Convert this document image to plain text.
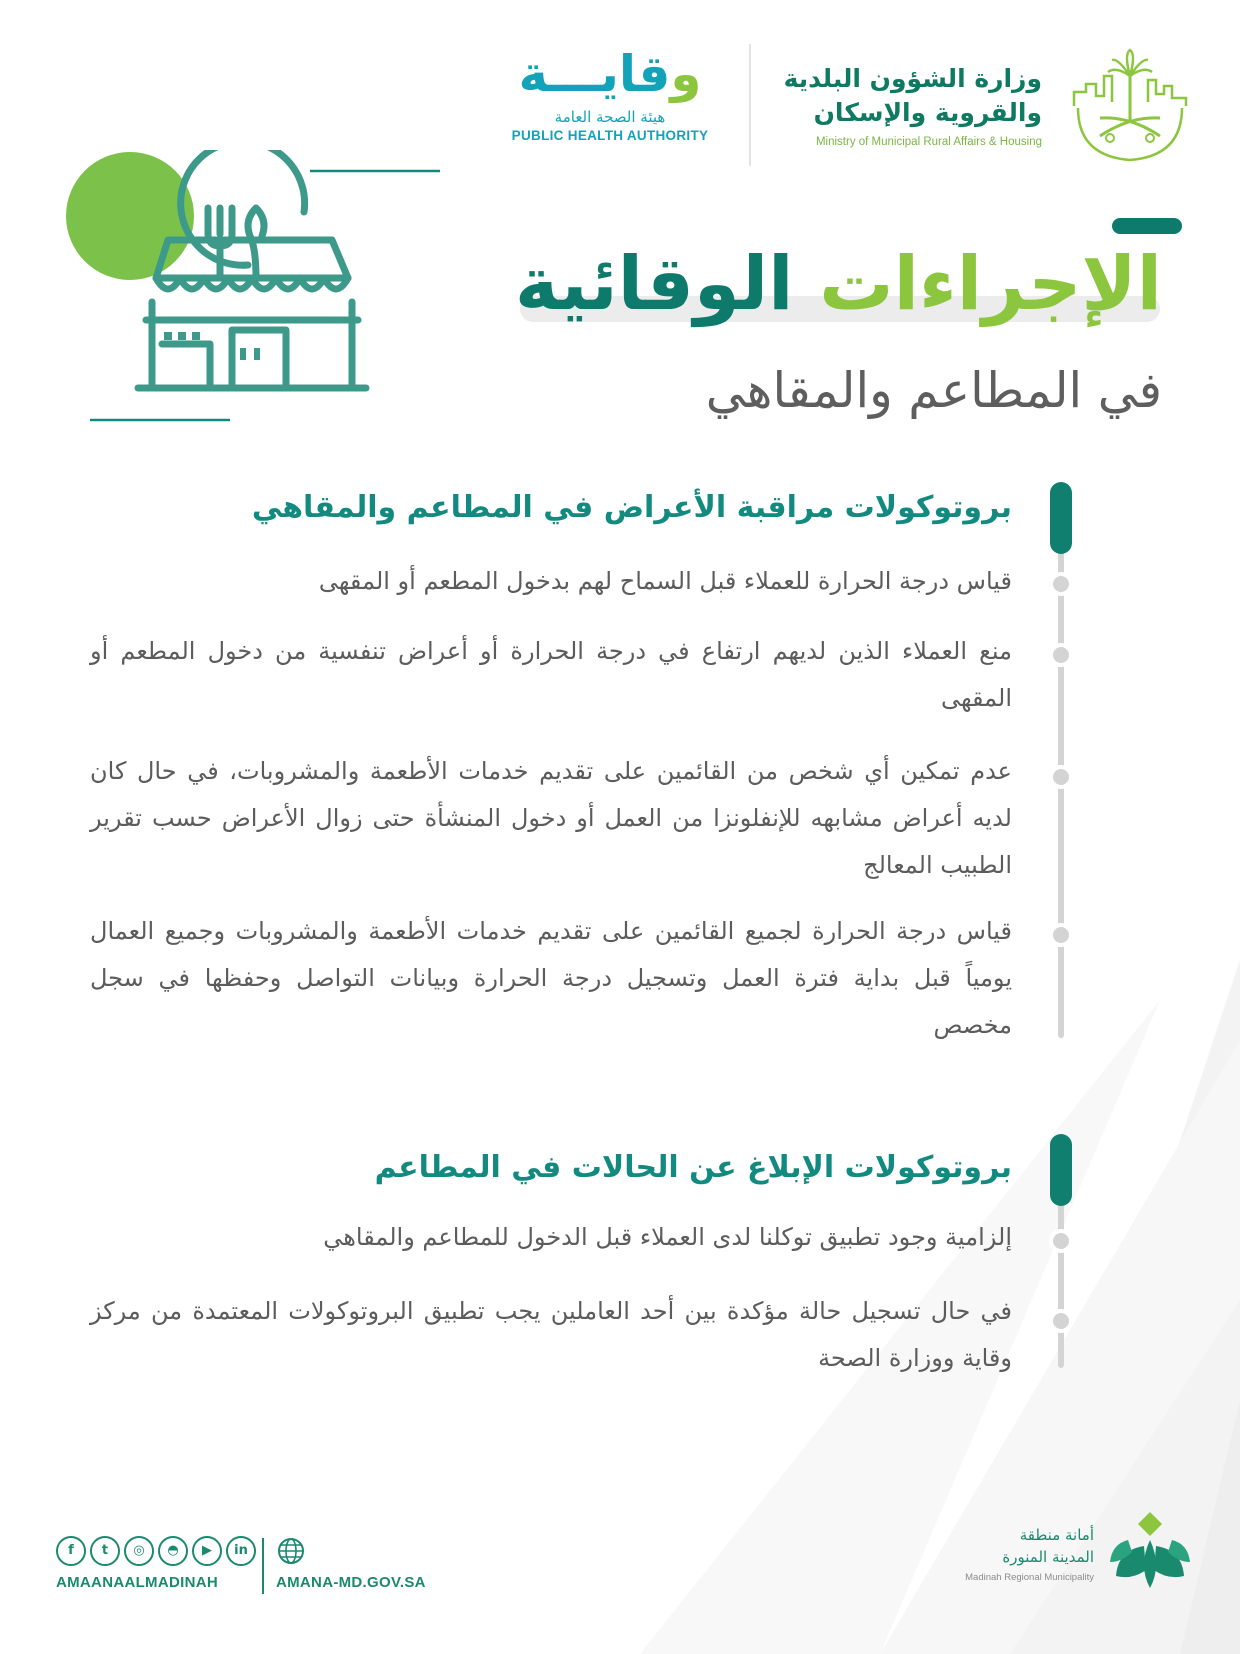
وزارة الشؤون البلدية
والقروية والإسكان
Ministry of Municipal Rural Affairs & Housing
وقايـــة
هيئة الصحة العامة
PUBLIC HEALTH AUTHORITY
الإجراءات الوقائية
في المطاعم والمقاهي
بروتوكولات مراقبة الأعراض في المطاعم والمقاهي
قياس درجة الحرارة للعملاء قبل السماح لهم بدخول المطعم أو المقهى
منع العملاء الذين لديهم ارتفاع في درجة الحرارة أو أعراض تنفسية من دخول المطعم أو المقهى
عدم تمكين أي شخص من القائمين على تقديم خدمات الأطعمة والمشروبات، في حال كان لديه أعراض مشابهه للإنفلونزا من العمل أو دخول المنشأة حتى زوال الأعراض حسب تقرير الطبيب المعالج
قياس درجة الحرارة لجميع القائمين على تقديم خدمات الأطعمة والمشروبات وجميع العمال يومياً قبل بداية فترة العمل وتسجيل درجة الحرارة وبيانات التواصل وحفظها في سجل مخصص
بروتوكولات الإبلاغ عن الحالات في المطاعم
إلزامية وجود تطبيق توكلنا لدى العملاء قبل الدخول للمطاعم والمقاهي
في حال تسجيل حالة مؤكدة بين أحد العاملين يجب تطبيق البروتوكولات المعتمدة من مركز وقاية ووزارة الصحة
أمانة منطقة
المدينة المنورة
Madinah Regional Municipality
f	t	◎	◓	▶	in
AMAANAALMADINAH	AMANA-MD.GOV.SA
